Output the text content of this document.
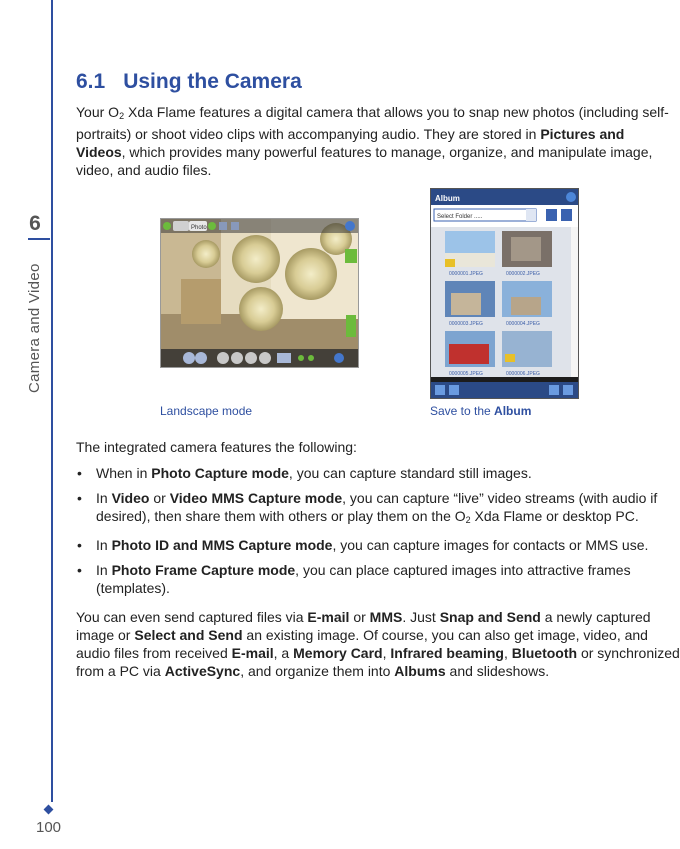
6
Camera and Video
100
6.1 Using the Camera

Your $O_2$ Xda Flame features a digital camera that allows you to snap new photos (including self-portraits) or shoot video clips with accompanying audio. They are stored in Pictures and Videos, which provides many powerful features to manage, organize, and manipulate image, video, and audio files.

Photo
Album
Select Folder .....
0000001.JPEG	0000002.JPEG
0000003.JPEG	0000004.JPEG
0000005.JPEG	0000006.JPEG
Landscape mode	Save to the Album

The integrated camera features the following:

• When in Photo Capture mode, you can capture standard still images.
• In Video or Video MMS Capture mode, you can capture “live” video streams (with audio if desired), then share them with others or play them on the $O_2$ Xda Flame or desktop PC.
• In Photo ID and MMS Capture mode, you can capture images for contacts or MMS use.
• In Photo Frame Capture mode, you can place captured images into attractive frames (templates).

You can even send captured files via E-mail or MMS. Just Snap and Send a newly captured image or Select and Send an existing image. Of course, you can also get image, video, and audio files from received E-mail, a Memory Card, Infrared beaming, Bluetooth or synchronized from a PC via ActiveSync, and organize them into Albums and slideshows.
